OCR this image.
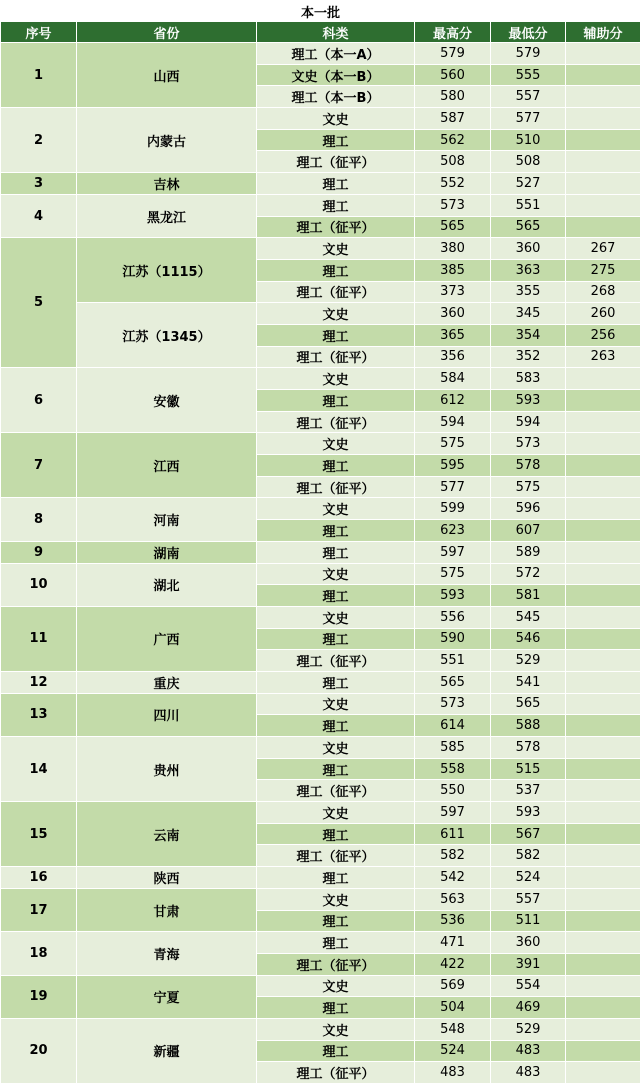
本一批					
序号	省份	科类	最高分	最低分	辅助分
1	山西	理工（本一A）	579	579	
		文史（本一B）	560	555	
		理工（本一B）	580	557	
2	内蒙古	文史	587	577	
		理工	562	510	
		理工（征平）	508	508	
3	吉林	理工	552	527	
4	黑龙江	理工	573	551	
		理工（征平）	565	565	
5	江苏（1115）	文史	380	360	267
		理工	385	363	275
		理工（征平）	373	355	268
	江苏（1345）	文史	360	345	260
		理工	365	354	256
		理工（征平）	356	352	263
6	安徽	文史	584	583	
		理工	612	593	
		理工（征平）	594	594	
7	江西	文史	575	573	
		理工	595	578	
		理工（征平）	577	575	
8	河南	文史	599	596	
		理工	623	607	
9	湖南	理工	597	589	
10	湖北	文史	575	572	
		理工	593	581	
11	广西	文史	556	545	
		理工	590	546	
		理工（征平）	551	529	
12	重庆	理工	565	541	
13	四川	文史	573	565	
		理工	614	588	
14	贵州	文史	585	578	
		理工	558	515	
		理工（征平）	550	537	
15	云南	文史	597	593	
		理工	611	567	
		理工（征平）	582	582	
16	陕西	理工	542	524	
17	甘肃	文史	563	557	
		理工	536	511	
18	青海	理工	471	360	
		理工（征平）	422	391	
19	宁夏	文史	569	554	
		理工	504	469	
20	新疆	文史	548	529	
		理工	524	483	
		理工（征平）	483	483	
